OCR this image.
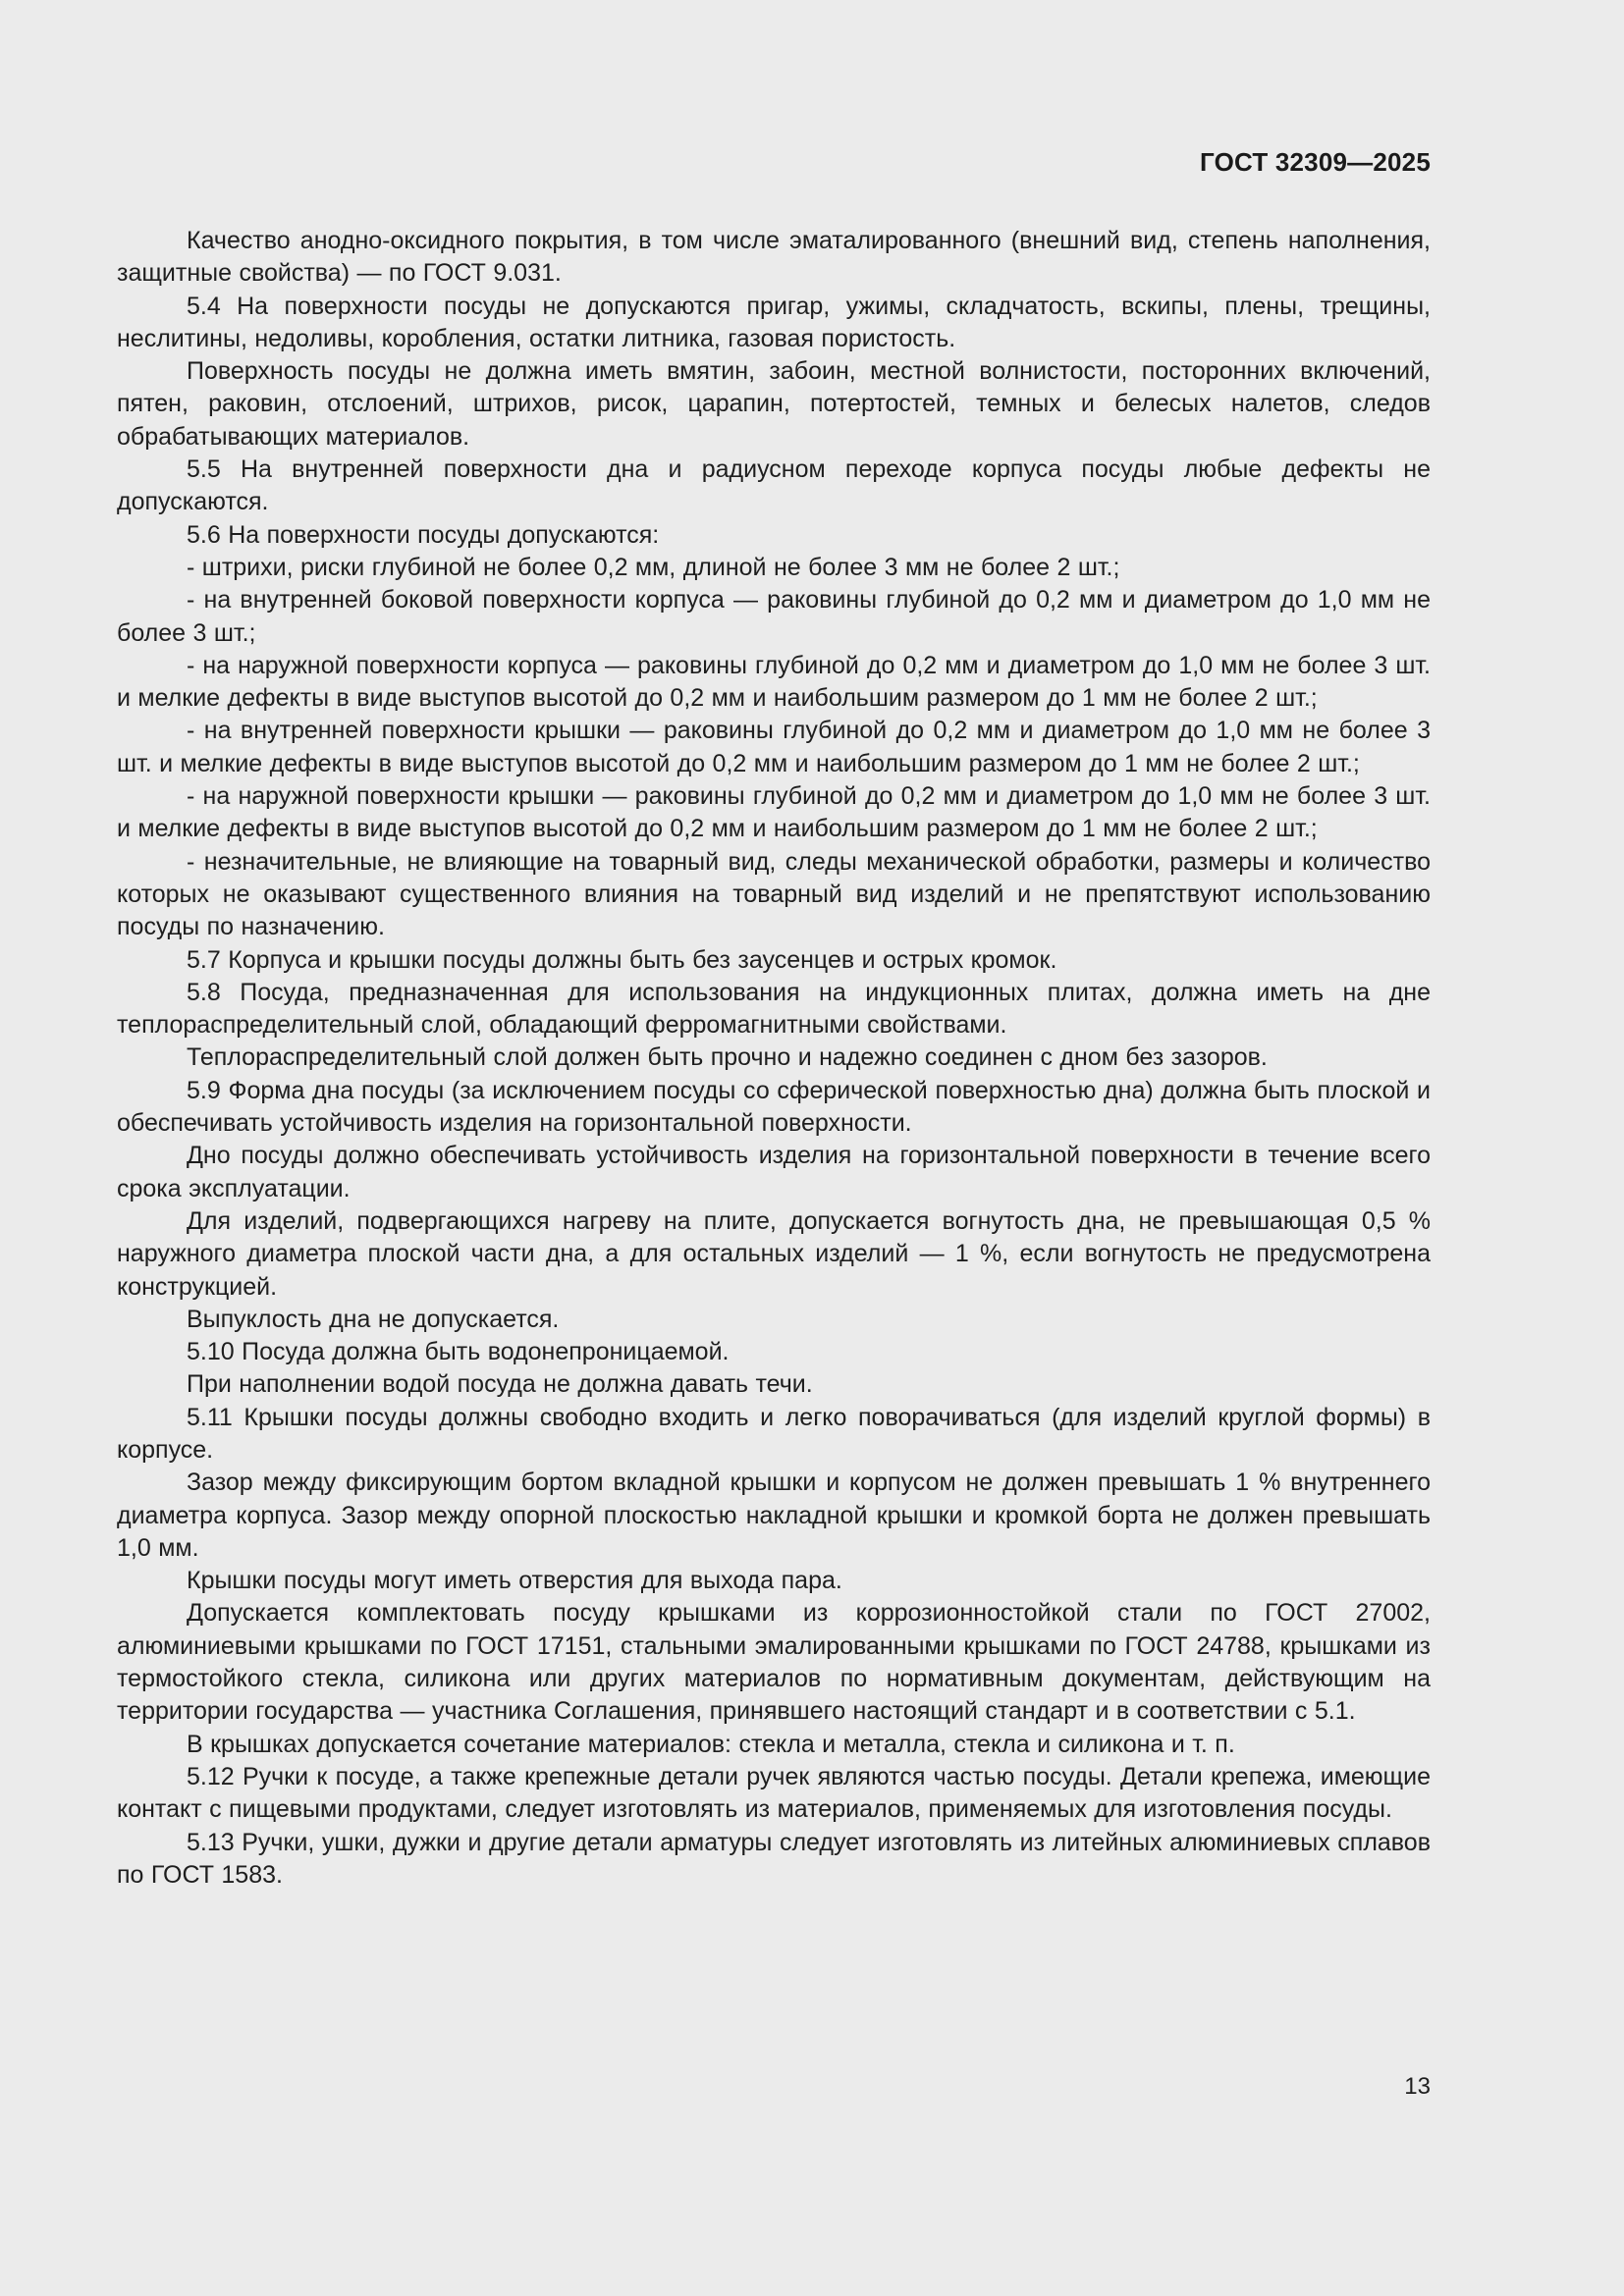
ГОСТ 32309—2025

Качество анодно-оксидного покрытия, в том числе эматалированного (внешний вид, степень наполнения, защитные свойства) — по ГОСТ 9.031.

5.4 На поверхности посуды не допускаются пригар, ужимы, складчатость, вскипы, плены, трещины, неслитины, недоливы, коробления, остатки литника, газовая пористость.

Поверхность посуды не должна иметь вмятин, забоин, местной волнистости, посторонних включений, пятен, раковин, отслоений, штрихов, рисок, царапин, потертостей, темных и белесых налетов, следов обрабатывающих материалов.

5.5 На внутренней поверхности дна и радиусном переходе корпуса посуды любые дефекты не допускаются.

5.6 На поверхности посуды допускаются:

- штрихи, риски глубиной не более 0,2 мм, длиной не более 3 мм не более 2 шт.;

- на внутренней боковой поверхности корпуса — раковины глубиной до 0,2 мм и диаметром до 1,0 мм не более 3 шт.;

- на наружной поверхности корпуса — раковины глубиной до 0,2 мм и диаметром до 1,0 мм не более 3 шт. и мелкие дефекты в виде выступов высотой до 0,2 мм и наибольшим размером до 1 мм не более 2 шт.;

- на внутренней поверхности крышки — раковины глубиной до 0,2 мм и диаметром до 1,0 мм не более 3 шт. и мелкие дефекты в виде выступов высотой до 0,2 мм и наибольшим размером до 1 мм не более 2 шт.;

- на наружной поверхности крышки — раковины глубиной до 0,2 мм и диаметром до 1,0 мм не более 3 шт. и мелкие дефекты в виде выступов высотой до 0,2 мм и наибольшим размером до 1 мм не более 2 шт.;

- незначительные, не влияющие на товарный вид, следы механической обработки, размеры и количество которых не оказывают существенного влияния на товарный вид изделий и не препятствуют использованию посуды по назначению.

5.7 Корпуса и крышки посуды должны быть без заусенцев и острых кромок.

5.8 Посуда, предназначенная для использования на индукционных плитах, должна иметь на дне теплораспределительный слой, обладающий ферромагнитными свойствами.

Теплораспределительный слой должен быть прочно и надежно соединен с дном без зазоров.

5.9 Форма дна посуды (за исключением посуды со сферической поверхностью дна) должна быть плоской и обеспечивать устойчивость изделия на горизонтальной поверхности.

Дно посуды должно обеспечивать устойчивость изделия на горизонтальной поверхности в течение всего срока эксплуатации.

Для изделий, подвергающихся нагреву на плите, допускается вогнутость дна, не превышающая 0,5 % наружного диаметра плоской части дна, а для остальных изделий — 1 %, если вогнутость не предусмотрена конструкцией.

Выпуклость дна не допускается.

5.10 Посуда должна быть водонепроницаемой.

При наполнении водой посуда не должна давать течи.

5.11 Крышки посуды должны свободно входить и легко поворачиваться (для изделий круглой формы) в корпусе.

Зазор между фиксирующим бортом вкладной крышки и корпусом не должен превышать 1 % внутреннего диаметра корпуса. Зазор между опорной плоскостью накладной крышки и кромкой борта не должен превышать 1,0 мм.

Крышки посуды могут иметь отверстия для выхода пара.

Допускается комплектовать посуду крышками из коррозионностойкой стали по ГОСТ 27002, алюминиевыми крышками по ГОСТ 17151, стальными эмалированными крышками по ГОСТ 24788, крышками из термостойкого стекла, силикона или других материалов по нормативным документам, действующим на территории государства — участника Соглашения, принявшего настоящий стандарт и в соответствии с 5.1.

В крышках допускается сочетание материалов: стекла и металла, стекла и силикона и т. п.

5.12 Ручки к посуде, а также крепежные детали ручек являются частью посуды. Детали крепежа, имеющие контакт с пищевыми продуктами, следует изготовлять из материалов, применяемых для изготовления посуды.

5.13 Ручки, ушки, дужки и другие детали арматуры следует изготовлять из литейных алюминиевых сплавов по ГОСТ 1583.

13
